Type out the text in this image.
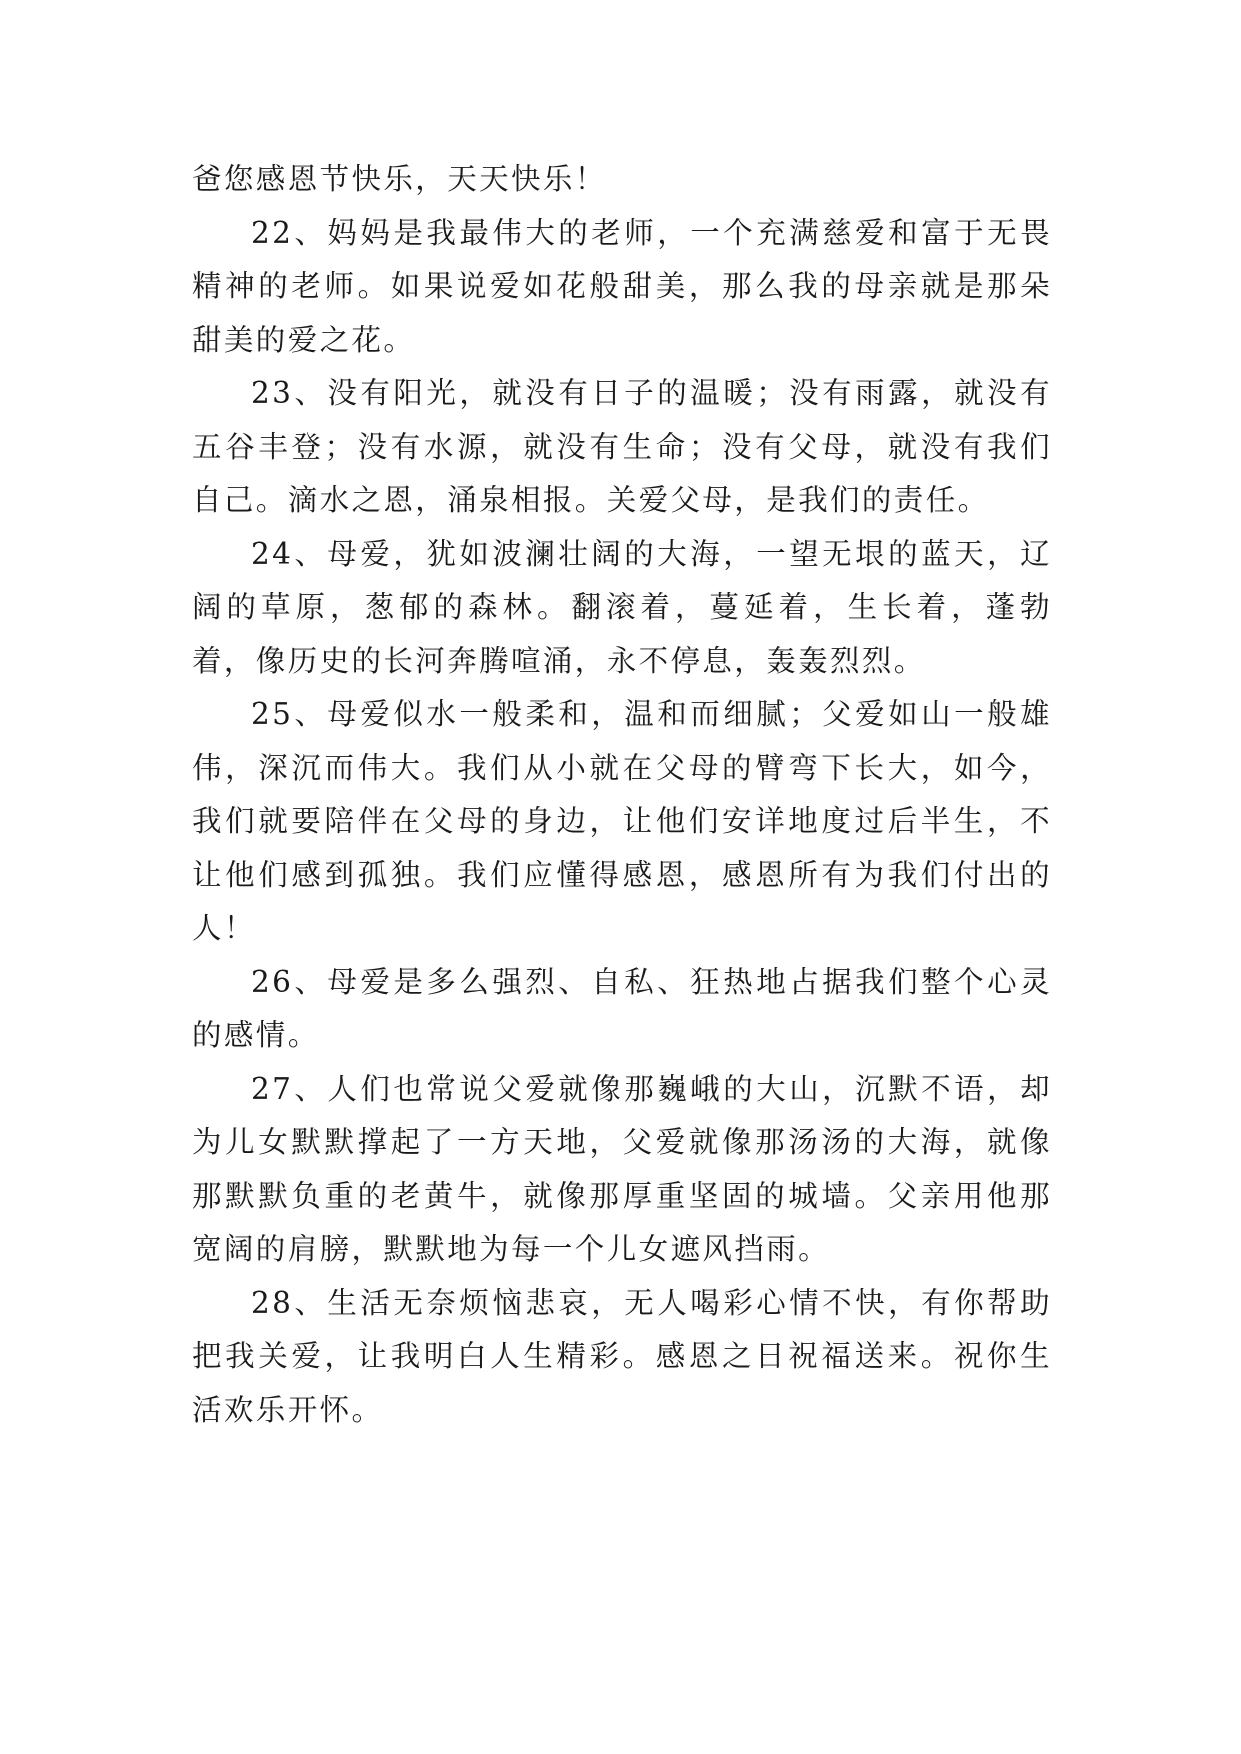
爸您感恩节快乐，天天快乐！

22、妈妈是我最伟大的老师，一个充满慈爱和富于无畏精神的老师。如果说爱如花般甜美，那么我的母亲就是那朵甜美的爱之花。

23、没有阳光，就没有日子的温暖；没有雨露，就没有五谷丰登；没有水源，就没有生命；没有父母，就没有我们自己。滴水之恩，涌泉相报。关爱父母，是我们的责任。

24、母爱，犹如波澜壮阔的大海，一望无垠的蓝天，辽阔的草原，葱郁的森林。翻滚着，蔓延着，生长着，蓬勃着，像历史的长河奔腾喧涌，永不停息，轰轰烈烈。

25、母爱似水一般柔和，温和而细腻；父爱如山一般雄伟，深沉而伟大。我们从小就在父母的臂弯下长大，如今，我们就要陪伴在父母的身边，让他们安详地度过后半生，不让他们感到孤独。我们应懂得感恩，感恩所有为我们付出的人！

26、母爱是多么强烈、自私、狂热地占据我们整个心灵的感情。

27、人们也常说父爱就像那巍峨的大山，沉默不语，却为儿女默默撑起了一方天地，父爱就像那汤汤的大海，就像那默默负重的老黄牛，就像那厚重坚固的城墙。父亲用他那宽阔的肩膀，默默地为每一个儿女遮风挡雨。

28、生活无奈烦恼悲哀，无人喝彩心情不快，有你帮助把我关爱，让我明白人生精彩。感恩之日祝福送来。祝你生活欢乐开怀。
